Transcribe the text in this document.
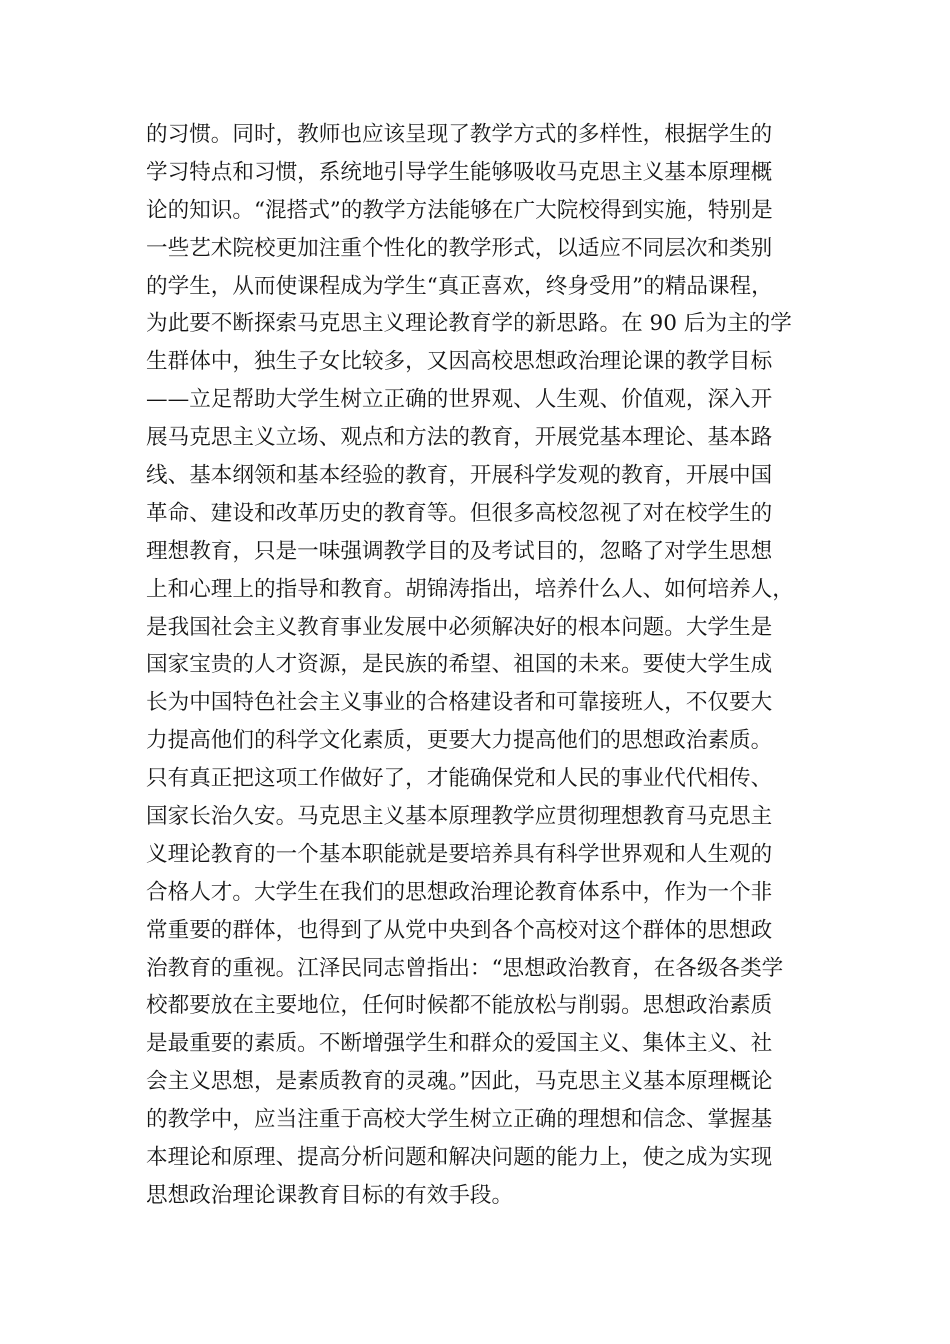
的习惯。同时，教师也应该呈现了教学方式的多样性，根据学生的
学习特点和习惯，系统地引导学生能够吸收马克思主义基本原理概
论的知识。“混搭式”的教学方法能够在广大院校得到实施，特别是
一些艺术院校更加注重个性化的教学形式，以适应不同层次和类别
的学生，从而使课程成为学生“真正喜欢，终身受用”的精品课程，
为此要不断探索马克思主义理论教育学的新思路。在 90 后为主的学
生群体中，独生子女比较多，又因高校思想政治理论课的教学目标
——立足帮助大学生树立正确的世界观、人生观、价值观，深入开
展马克思主义立场、观点和方法的教育，开展党基本理论、基本路
线、基本纲领和基本经验的教育，开展科学发观的教育，开展中国
革命、建设和改革历史的教育等。但很多高校忽视了对在校学生的
理想教育，只是一味强调教学目的及考试目的，忽略了对学生思想
上和心理上的指导和教育。胡锦涛指出，培养什么人、如何培养人，
是我国社会主义教育事业发展中必须解决好的根本问题。大学生是
国家宝贵的人才资源，是民族的希望、祖国的未来。要使大学生成
长为中国特色社会主义事业的合格建设者和可靠接班人，不仅要大
力提高他们的科学文化素质，更要大力提高他们的思想政治素质。
只有真正把这项工作做好了，才能确保党和人民的事业代代相传、
国家长治久安。马克思主义基本原理教学应贯彻理想教育马克思主
义理论教育的一个基本职能就是要培养具有科学世界观和人生观的
合格人才。大学生在我们的思想政治理论教育体系中，作为一个非
常重要的群体，也得到了从党中央到各个高校对这个群体的思想政
治教育的重视。江泽民同志曾指出：“思想政治教育，在各级各类学
校都要放在主要地位，任何时候都不能放松与削弱。思想政治素质
是最重要的素质。不断增强学生和群众的爱国主义、集体主义、社
会主义思想，是素质教育的灵魂。”因此，马克思主义基本原理概论
的教学中，应当注重于高校大学生树立正确的理想和信念、掌握基
本理论和原理、提高分析问题和解决问题的能力上，使之成为实现
思想政治理论课教育目标的有效手段。
